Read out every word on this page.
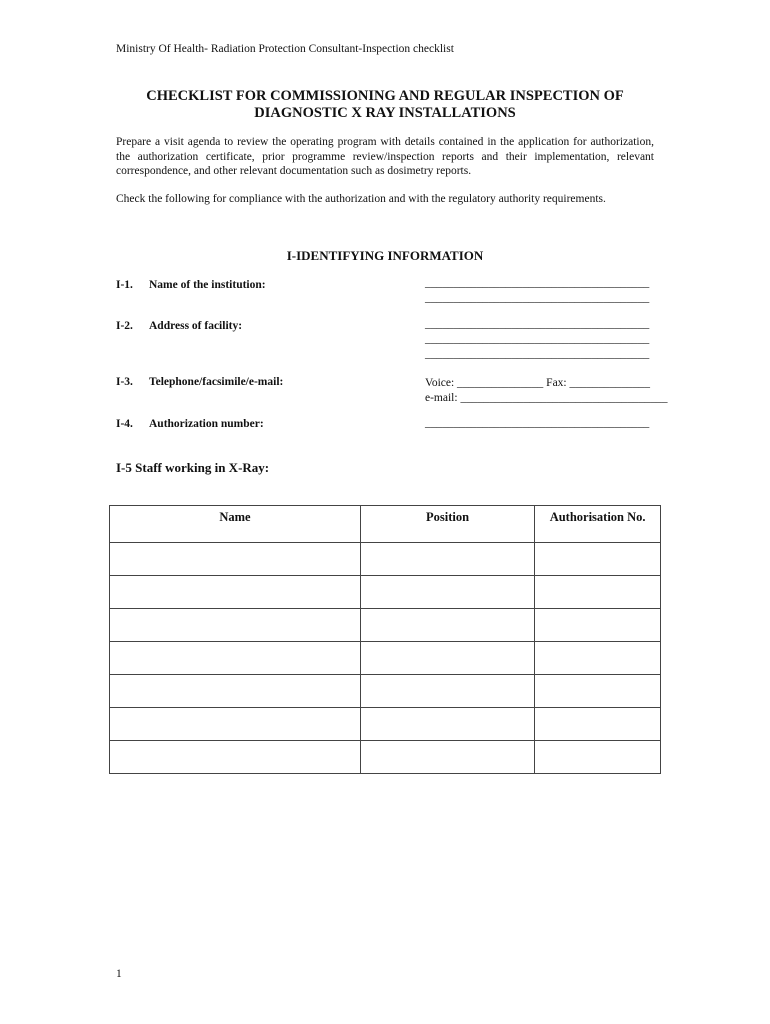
Ministry Of Health- Radiation Protection Consultant-Inspection checklist
CHECKLIST FOR COMMISSIONING AND REGULAR INSPECTION OF
DIAGNOSTIC X RAY INSTALLATIONS
Prepare a visit agenda to review the operating program with details contained in the application for authorization, the authorization certificate, prior programme review/inspection reports and their implementation, relevant correspondence, and other relevant documentation such as dosimetry reports.
Check the following for compliance with the authorization and with the regulatory authority requirements.
I-IDENTIFYING INFORMATION
I-1. Name of the institution:	_______________________________________
_______________________________________
I-2. Address of facility:	_______________________________________
_______________________________________
_______________________________________
I-3. Telephone/facsimile/e-mail:	Voice: _______________ Fax: ______________
e-mail: ____________________________________
I-4. Authorization number:	_______________________________________
I-5 Staff working in X-Ray:
Name	Position	Authorisation No.

1
